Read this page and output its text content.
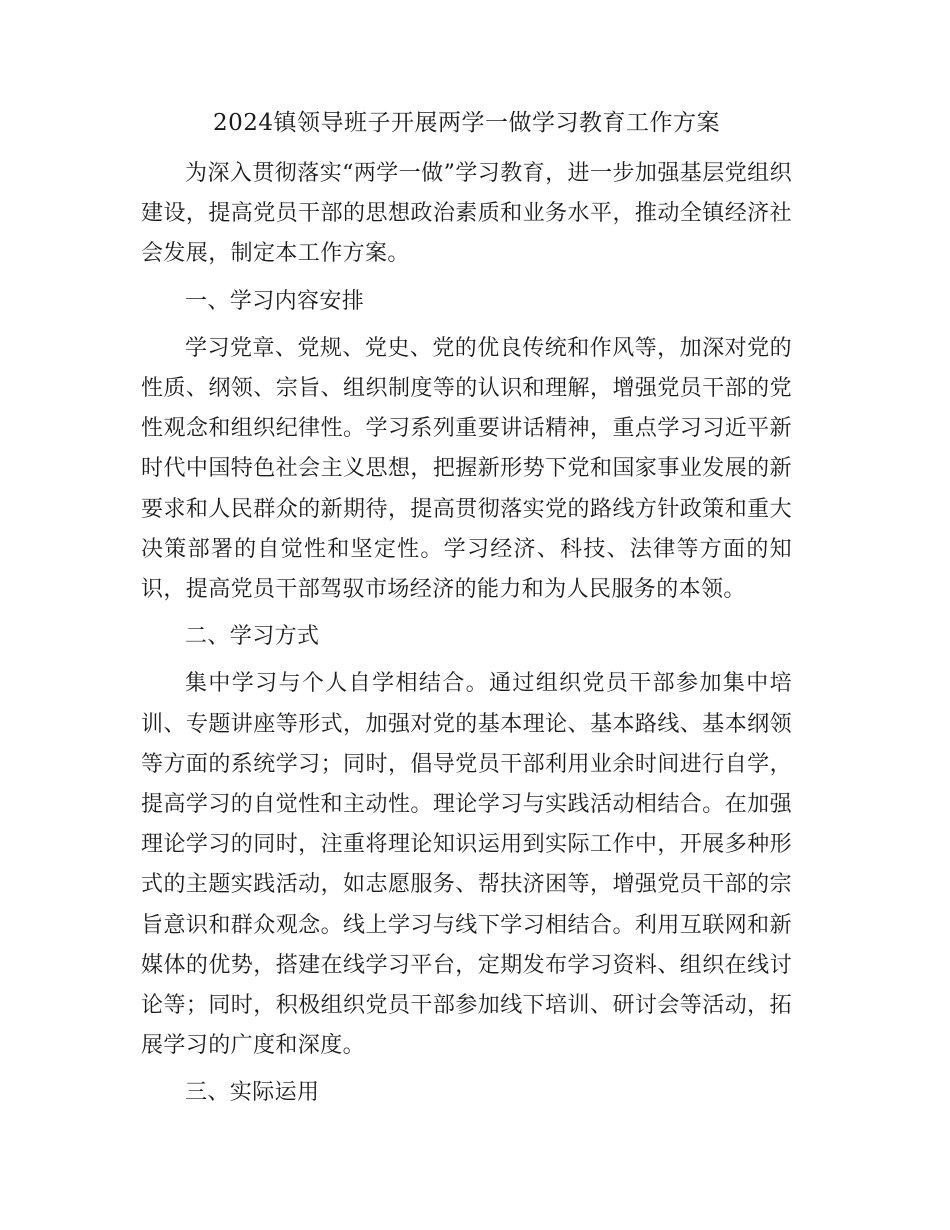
2024镇领导班子开展两学一做学习教育工作方案

为深入贯彻落实“两学一做”学习教育，进一步加强基层党组织建设，提高党员干部的思想政治素质和业务水平，推动全镇经济社会发展，制定本工作方案。

一、学习内容安排

学习党章、党规、党史、党的优良传统和作风等，加深对党的性质、纲领、宗旨、组织制度等的认识和理解，增强党员干部的党性观念和组织纪律性。学习系列重要讲话精神，重点学习习近平新时代中国特色社会主义思想，把握新形势下党和国家事业发展的新要求和人民群众的新期待，提高贯彻落实党的路线方针政策和重大决策部署的自觉性和坚定性。学习经济、科技、法律等方面的知识，提高党员干部驾驭市场经济的能力和为人民服务的本领。

二、学习方式

集中学习与个人自学相结合。通过组织党员干部参加集中培训、专题讲座等形式，加强对党的基本理论、基本路线、基本纲领等方面的系统学习；同时，倡导党员干部利用业余时间进行自学，提高学习的自觉性和主动性。理论学习与实践活动相结合。在加强理论学习的同时，注重将理论知识运用到实际工作中，开展多种形式的主题实践活动，如志愿服务、帮扶济困等，增强党员干部的宗旨意识和群众观念。线上学习与线下学习相结合。利用互联网和新媒体的优势，搭建在线学习平台，定期发布学习资料、组织在线讨论等；同时，积极组织党员干部参加线下培训、研讨会等活动，拓展学习的广度和深度。

三、实际运用
